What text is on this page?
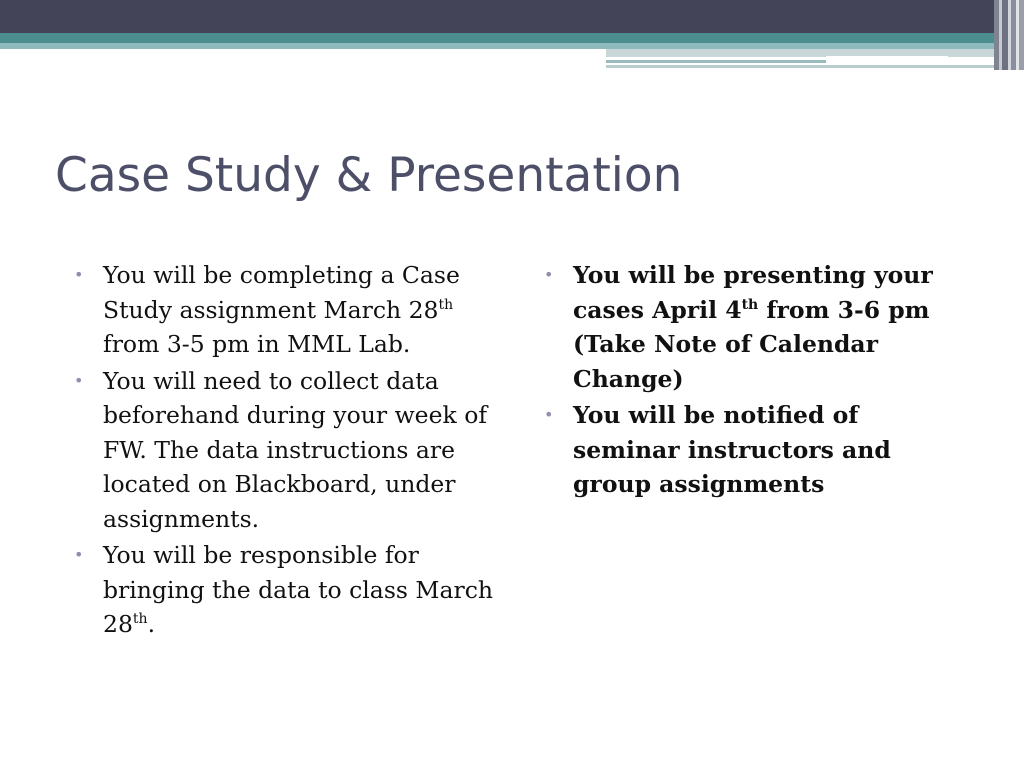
Case Study & Presentation
• You will be completing a Case Study assignment March 28th from 3-5 pm in MML Lab.
• You will need to collect data beforehand during your week of FW. The data instructions are located on Blackboard, under assignments.
• You will be responsible for bringing the data to class March 28th.
• You will be presenting your cases April 4th from 3-6 pm (Take Note of Calendar Change)
• You will be notified of seminar instructors and group assignments
